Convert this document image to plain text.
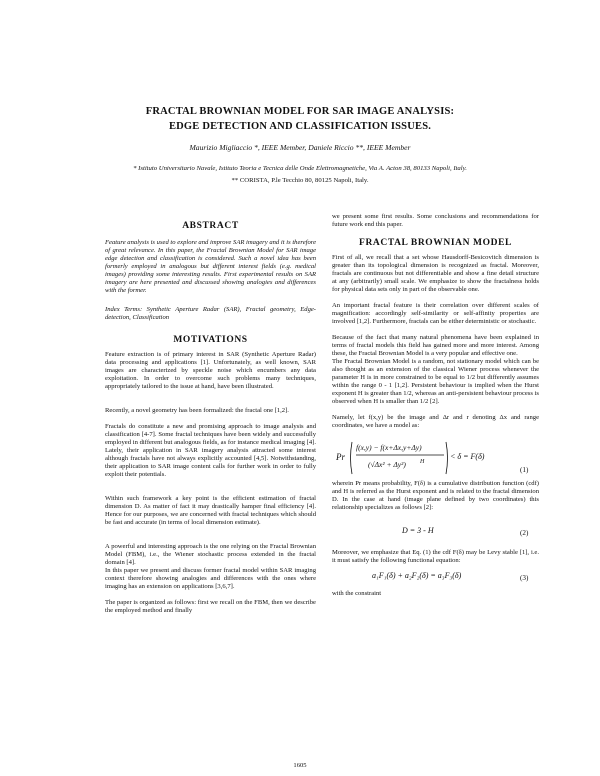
FRACTAL BROWNIAN MODEL FOR SAR IMAGE ANALYSIS:
EDGE DETECTION AND CLASSIFICATION ISSUES.
Maurizio Migliaccio *, IEEE Member, Daniele Riccio **, IEEE Member
* Istituto Universitario Navale, Istituto Teoria e Tecnica delle Onde Elettromagnetiche, Via A. Acton 38, 80133 Napoli, Italy.
** CORISTA, P.le Tecchio 80, 80125 Napoli, Italy.
ABSTRACT

Feature analysis is used to explore and improve SAR imagery and it is therefore of great relevance. In this paper, the Fractal Brownian Model for SAR image edge detection and classification is considered. Such a novel idea has been formerly employed in analogous but different interest fields (e.g. medical images) providing some interesting results. First experimental results on SAR imagery are here presented and discussed showing analogies and differences with the former.

Index Terms: Synthetic Aperture Radar (SAR), Fractal geometry, Edge-detection, Classification

MOTIVATIONS

Feature extraction is of primary interest in SAR (Synthetic Aperture Radar) data processing and applications [1]. Unfortunately, as well known, SAR images are characterized by speckle noise which encumbers any data exploitation. In order to overcome such problems many techniques, appropriately tailored to the issue at hand, have been illustrated.

Recently, a novel geometry has been formalized: the fractal one [1,2].

Fractals do constitute a new and promising approach to image analysis and classification [4-7]. Some fractal techniques have been widely and successfully employed in different but analogous fields, as for instance medical imaging [4]. Lately, their application in SAR imagery analysis attracted some interest although fractals have not always explicitly accounted [4,5]. Notwithstanding, their application to SAR image content calls for further work in order to fully exploit their potentials.

Within such framework a key point is the efficient estimation of fractal dimension D. As matter of fact it may drastically hamper final efficiency [4]. Hence for our purposes, we are concerned with fractal techniques which should be fast and accurate (in terms of local dimension estimate).

A powerful and interesting approach is the one relying on the Fractal Brownian Model (FBM), i.e., the Wiener stochastic process extended in the fractal domain [4].

In this paper we present and discuss former fractal model within SAR imaging context therefore showing analogies and differences with the ones where imaging has an extension on applications [3,6,7].

The paper is organized as follows: first we recall on the FBM, then we describe the employed method and finally

we present some first results. Some conclusions and recommendations for future work end this paper.

FRACTAL BROWNIAN MODEL

First of all, we recall that a set whose Hausdorff-Besicovitch dimension is greater than its topological dimension is recognized as fractal. Moreover, fractals are continuous but not differentiable and show a fine detail structure at any (arbitrarily) small scale. We emphasize to show the fractalness holds for physical data sets only in part of the observable one.

An important fractal feature is their correlation over different scales of magnification: accordingly self-similarity or self-affinity properties are involved [1,2]. Furthermore, fractals can be either deterministic or stochastic.

Because of the fact that many natural phenomena have been explained in terms of fractal models this field has gained more and more interest. Among these, the Fractal Brownian Model is a very popular and effective one.

The Fractal Brownian Model is a random, not stationary model which can be also thought as an extension of the classical Wiener process whenever the parameter H is in more constrained to be equal to 1/2 but differently assumes within the range 0 - 1 [1,2]. Persistent behaviour is implied when the Hurst exponent H is greater than 1/2, whereas an anti-persistent behaviour process is observed when H is smaller than 1/2 [2].

Namely, let f(x,y) be the image and Δr and r denoting Δx and range coordinates, we have a model as:

Pr
f(x,y) − f(x+Δx,y+Δy)
(√Δx² + Δy²) H
< δ = F(δ)
(1)

wherein Pr means probability, F(δ) is a cumulative distribution function (cdf) and H is referred as the Hurst exponent and is related to the fractal dimension D. In the case at hand (image plane defined by two coordinates) this relationship specializes as follows [2]:

D = 3 - H	(2)

Moreover, we emphasize that Eq. (1) the cdf F(δ) may be Levy stable [1], i.e. it must satisfy the following functional equation:

a₁F₁(δ) + a₂F₂(δ) = a₃F₃(δ)	(3)

with the constraint

1605
